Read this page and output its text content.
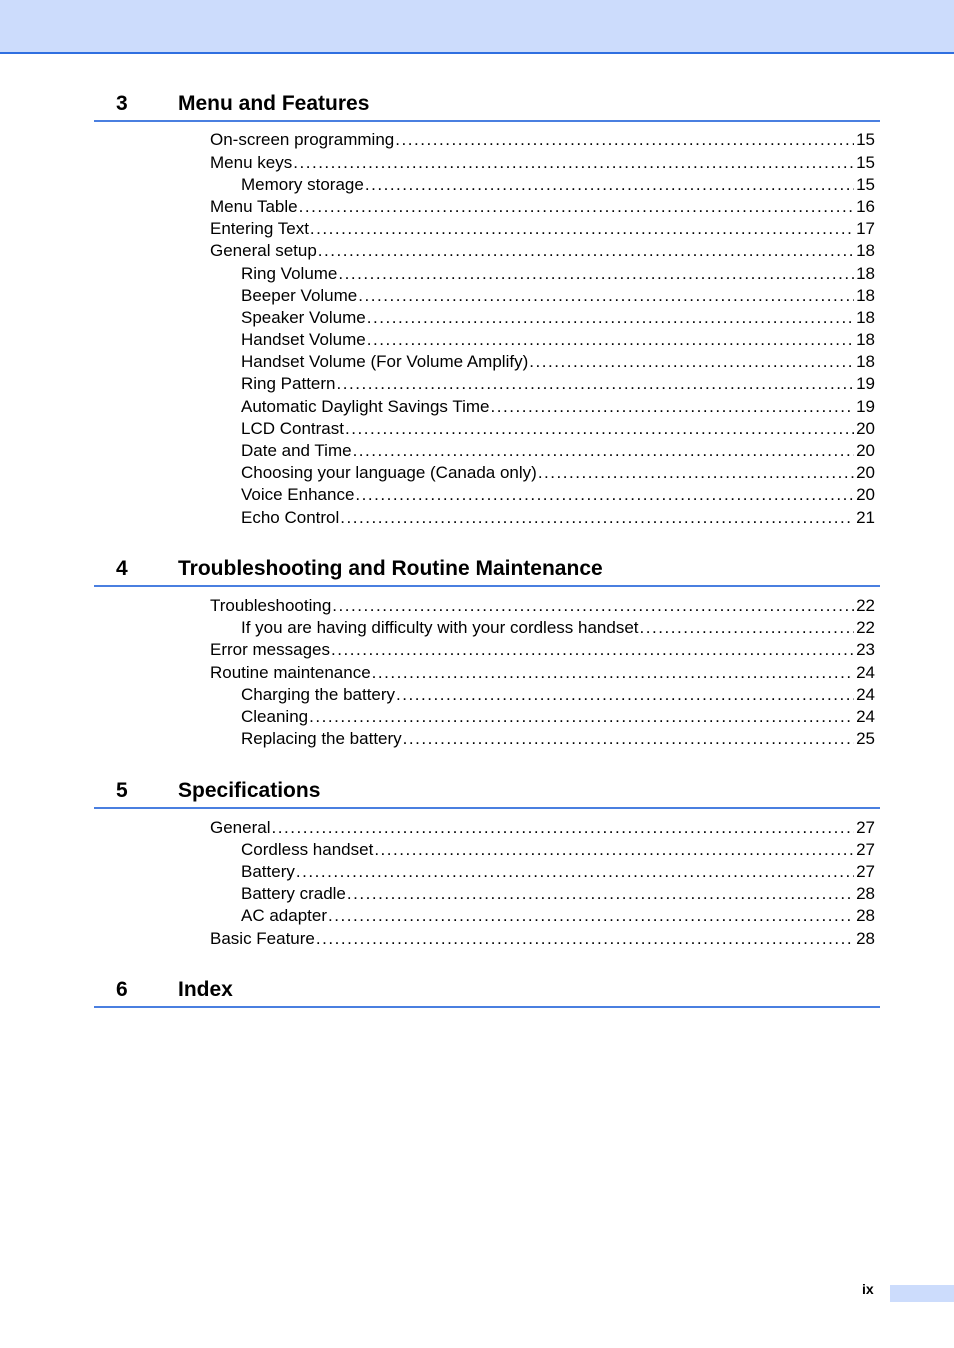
3 Menu and Features
On-screen programming . . .	15
Menu keys . . .	15
Memory storage . . .	15
Menu Table . . .	16
Entering Text . . .	17
General setup . . .	18
Ring Volume . . .	18
Beeper Volume . . .	18
Speaker Volume . . .	18
Handset Volume . . .	18
Handset Volume (For Volume Amplify) . . .	18
Ring Pattern . . .	19
Automatic Daylight Savings Time . . .	19
LCD Contrast . . .	20
Date and Time . . .	20
Choosing your language (Canada only) . . .	20
Voice Enhance . . .	20
Echo Control . . .	21
4 Troubleshooting and Routine Maintenance
Troubleshooting . . .	22
If you are having difficulty with your cordless handset . . .	22
Error messages . . .	23
Routine maintenance . . .	24
Charging the battery . . .	24
Cleaning . . .	24
Replacing the battery . . .	25
5 Specifications
General . . .	27
Cordless handset . . .	27
Battery . . .	27
Battery cradle . . .	28
AC adapter . . .	28
Basic Feature . . .	28
6 Index
ix
